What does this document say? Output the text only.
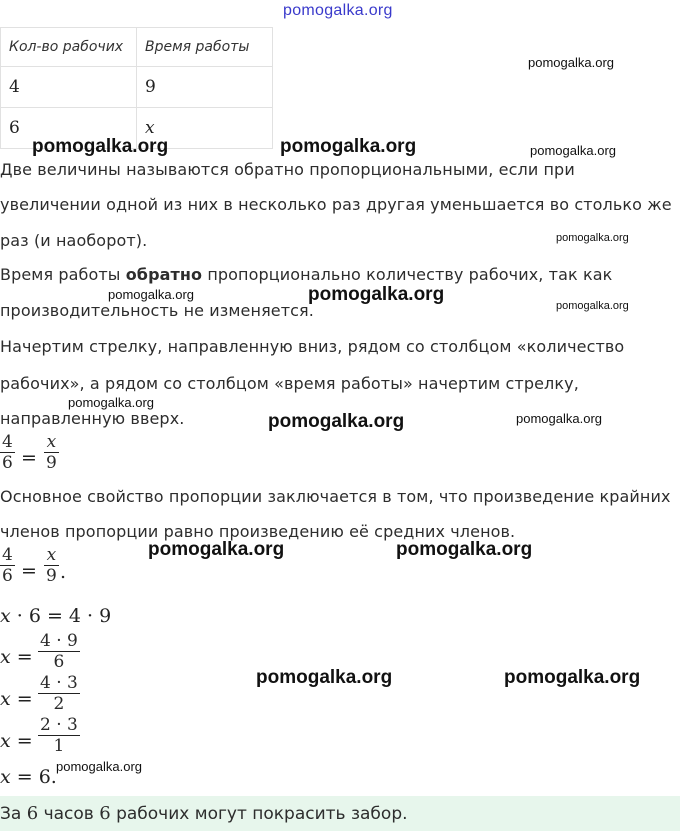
pomogalka.org
Кол-во рабочих	Время работы
4	9
6	x
Две величины называются обратно пропорциональными, если при
увеличении одной из них в несколько раз другая уменьшается во столько же
раз (и наоборот).
Время работы обратно пропорционально количеству рабочих, так как
производительность не изменяется.
Начертим стрелку, направленную вниз, рядом со столбцом «количество
рабочих», а рядом со столбцом «время работы» начертим стрелку,
направленную вверх.
4
6 =
x
9
Основное свойство пропорции заключается в том, что произведение крайних
членов пропорции равно произведению её средних членов.
4
6 =
x
9 .
x · 6 = 4 · 9
x =
4 · 9
6
x =
4 · 3
2
x =
2 · 3
1
x = 6.
За 6 часов 6 рабочих могут покрасить забор.
pomogalka.org
pomogalka.org	pomogalka.org	pomogalka.org
pomogalka.org
pomogalka.org	pomogalka.org
pomogalka.org
pomogalka.org
pomogalka.org	pomogalka.org
pomogalka.org	pomogalka.org
pomogalka.org	pomogalka.org
pomogalka.org
